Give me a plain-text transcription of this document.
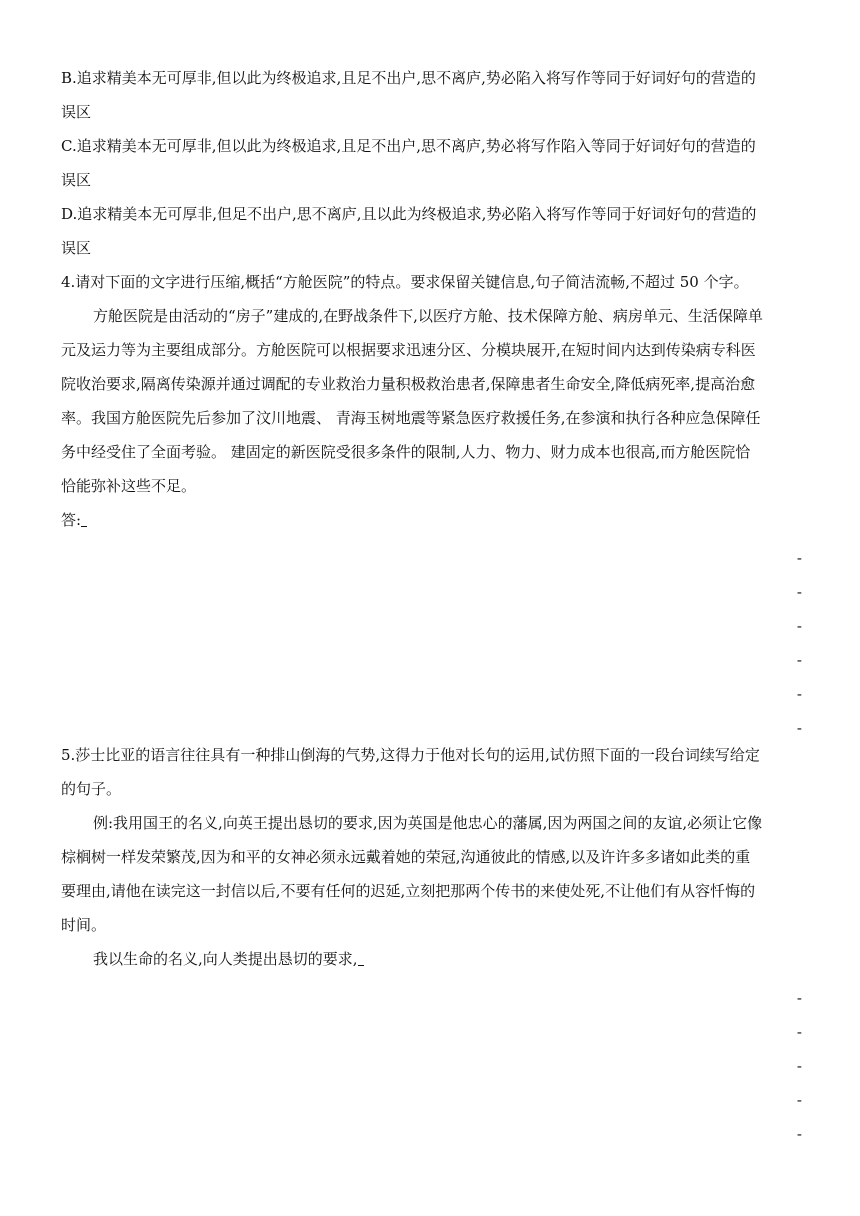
B.追求精美本无可厚非,但以此为终极追求,且足不出户,思不离庐,势必陷入将写作等同于好词好句的营造的
误区
C.追求精美本无可厚非,但以此为终极追求,且足不出户,思不离庐,势必将写作陷入等同于好词好句的营造的
误区
D.追求精美本无可厚非,但足不出户,思不离庐,且以此为终极追求,势必陷入将写作等同于好词好句的营造的
误区
4.请对下面的文字进行压缩,概括“方舱医院”的特点。要求保留关键信息,句子简洁流畅,不超过 50 个字。
方舱医院是由活动的“房子”建成的,在野战条件下,以医疗方舱、技术保障方舱、病房单元、生活保障单
元及运力等为主要组成部分。方舱医院可以根据要求迅速分区、分模块展开,在短时间内达到传染病专科医
院收治要求,隔离传染源并通过调配的专业救治力量积极救治患者,保障患者生命安全,降低病死率,提高治愈
率。我国方舱医院先后参加了汶川地震、 青海玉树地震等紧急医疗救援任务,在参演和执行各种应急保障任
务中经受住了全面考验。 建固定的新医院受很多条件的限制,人力、物力、财力成本也很高,而方舱医院恰
恰能弥补这些不足。
答:
-
-
-
-
-
-
5.莎士比亚的语言往往具有一种排山倒海的气势,这得力于他对长句的运用,试仿照下面的一段台词续写给定
的句子。
例:我用国王的名义,向英王提出恳切的要求,因为英国是他忠心的藩属,因为两国之间的友谊,必须让它像
棕榈树一样发荣繁茂,因为和平的女神必须永远戴着她的荣冠,沟通彼此的情感,以及许许多多诸如此类的重
要理由,请他在读完这一封信以后,不要有任何的迟延,立刻把那两个传书的来使处死,不让他们有从容忏悔的
时间。
我以生命的名义,向人类提出恳切的要求,
-
-
-
-
-
